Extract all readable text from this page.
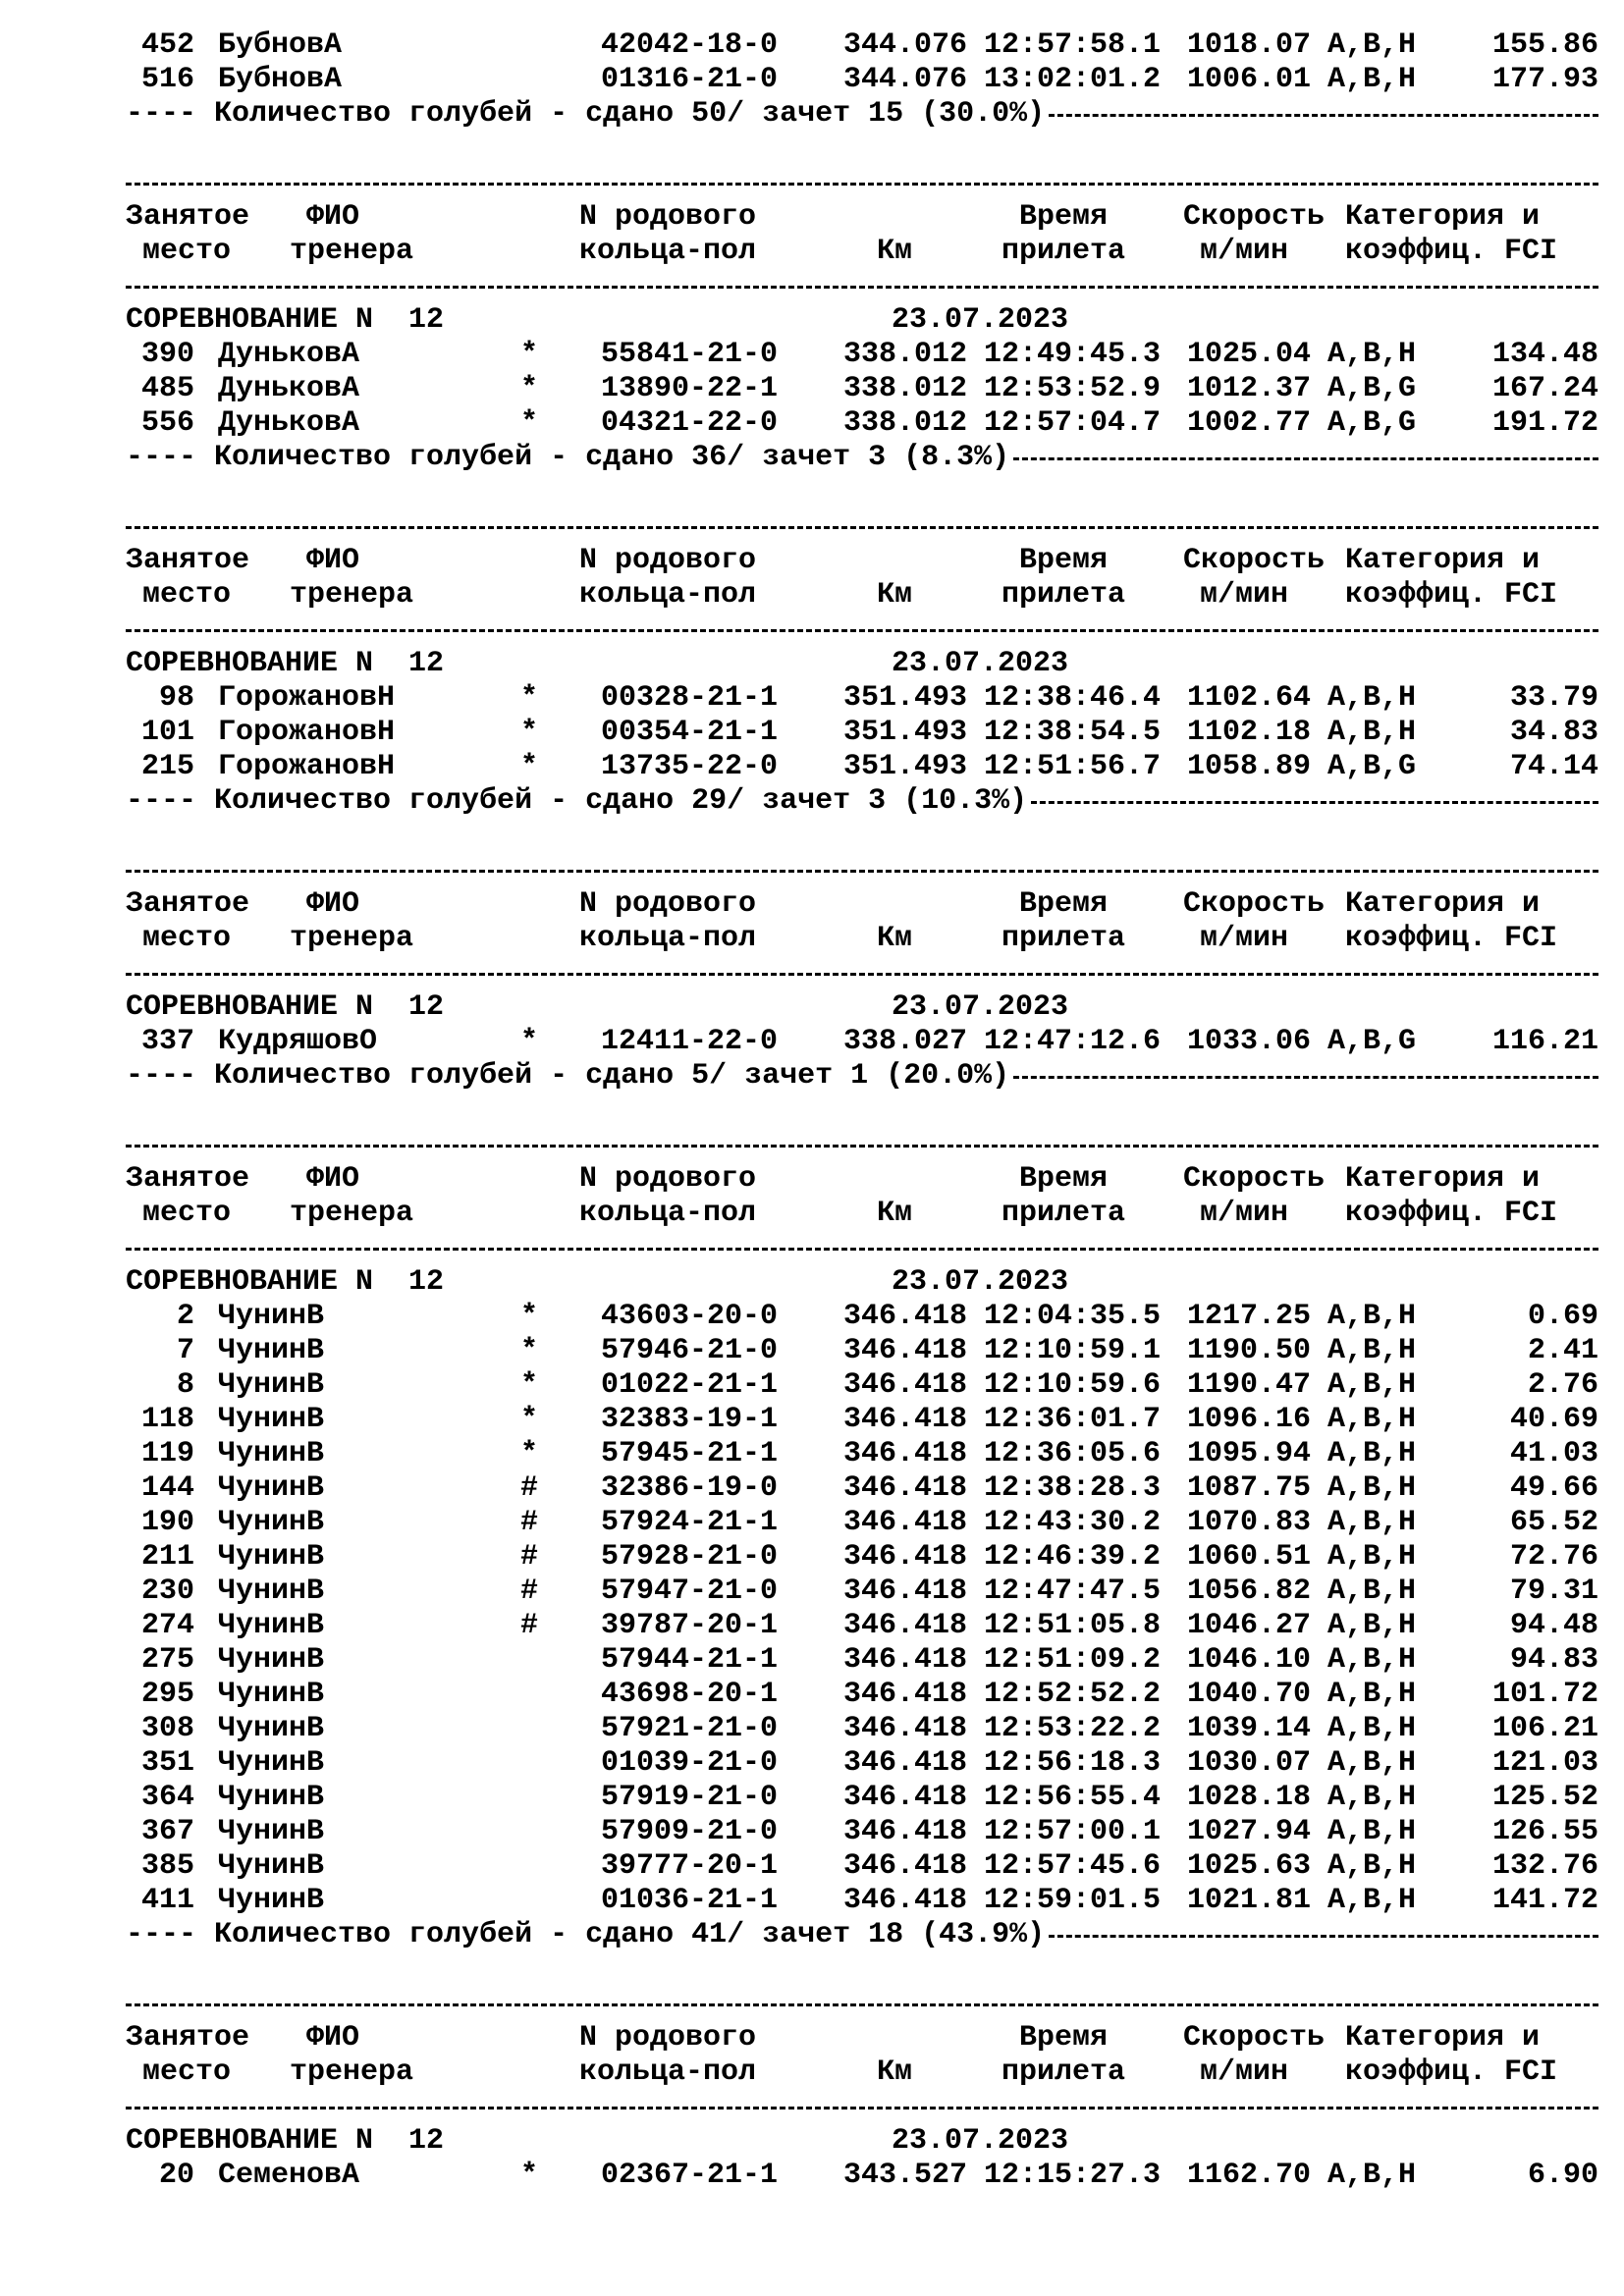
452 БубновА	42042-18-0	344.076 12:57:58.1 1018.07 A,B,H	155.86
516 БубновА	01316-21-0	344.076 13:02:01.2 1006.01 A,B,H	177.93
---- Количество голубей - сдано 50/ зачет 15 (30.0%)
Занятое ФИО	N родового	Время	Скорость Категория и
место тренера	кольца-пол	Км	прилета	м/мин коэффиц. FCI
СОРЕВНОВАНИЕ N  12	23.07.2023
390 ДуньковА	*	55841-21-0	338.012 12:49:45.3 1025.04 A,B,H	134.48
485 ДуньковА	*	13890-22-1	338.012 12:53:52.9 1012.37 A,B,G	167.24
556 ДуньковА	*	04321-22-0	338.012 12:57:04.7 1002.77 A,B,G	191.72
---- Количество голубей - сдано 36/ зачет 3 (8.3%)
Занятое ФИО	N родового	Время	Скорость Категория и
место тренера	кольца-пол	Км	прилета	м/мин коэффиц. FCI
СОРЕВНОВАНИЕ N  12	23.07.2023
98 ГорожановН	*	00328-21-1	351.493 12:38:46.4 1102.64 A,B,H	33.79
101 ГорожановН	*	00354-21-1	351.493 12:38:54.5 1102.18 A,B,H	34.83
215 ГорожановН	*	13735-22-0	351.493 12:51:56.7 1058.89 A,B,G	74.14
---- Количество голубей - сдано 29/ зачет 3 (10.3%)
Занятое ФИО	N родового	Время	Скорость Категория и
место тренера	кольца-пол	Км	прилета	м/мин коэффиц. FCI
СОРЕВНОВАНИЕ N  12	23.07.2023
337 КудряшовО	*	12411-22-0	338.027 12:47:12.6 1033.06 A,B,G	116.21
---- Количество голубей - сдано 5/ зачет 1 (20.0%)
Занятое ФИО	N родового	Время	Скорость Категория и
место тренера	кольца-пол	Км	прилета	м/мин коэффиц. FCI
СОРЕВНОВАНИЕ N  12	23.07.2023
2 ЧунинВ	*	43603-20-0	346.418 12:04:35.5 1217.25 A,B,H	0.69
7 ЧунинВ	*	57946-21-0	346.418 12:10:59.1 1190.50 A,B,H	2.41
8 ЧунинВ	*	01022-21-1	346.418 12:10:59.6 1190.47 A,B,H	2.76
118 ЧунинВ	*	32383-19-1	346.418 12:36:01.7 1096.16 A,B,H	40.69
119 ЧунинВ	*	57945-21-1	346.418 12:36:05.6 1095.94 A,B,H	41.03
144 ЧунинВ	#	32386-19-0	346.418 12:38:28.3 1087.75 A,B,H	49.66
190 ЧунинВ	#	57924-21-1	346.418 12:43:30.2 1070.83 A,B,H	65.52
211 ЧунинВ	#	57928-21-0	346.418 12:46:39.2 1060.51 A,B,H	72.76
230 ЧунинВ	#	57947-21-0	346.418 12:47:47.5 1056.82 A,B,H	79.31
274 ЧунинВ	#	39787-20-1	346.418 12:51:05.8 1046.27 A,B,H	94.48
275 ЧунинВ	57944-21-1	346.418 12:51:09.2 1046.10 A,B,H	94.83
295 ЧунинВ	43698-20-1	346.418 12:52:52.2 1040.70 A,B,H	101.72
308 ЧунинВ	57921-21-0	346.418 12:53:22.2 1039.14 A,B,H	106.21
351 ЧунинВ	01039-21-0	346.418 12:56:18.3 1030.07 A,B,H	121.03
364 ЧунинВ	57919-21-0	346.418 12:56:55.4 1028.18 A,B,H	125.52
367 ЧунинВ	57909-21-0	346.418 12:57:00.1 1027.94 A,B,H	126.55
385 ЧунинВ	39777-20-1	346.418 12:57:45.6 1025.63 A,B,H	132.76
411 ЧунинВ	01036-21-1	346.418 12:59:01.5 1021.81 A,B,H	141.72
---- Количество голубей - сдано 41/ зачет 18 (43.9%)
Занятое ФИО	N родового	Время	Скорость Категория и
место тренера	кольца-пол	Км	прилета	м/мин коэффиц. FCI
СОРЕВНОВАНИЕ N  12	23.07.2023
20 СеменовА	*	02367-21-1	343.527 12:15:27.3 1162.70 A,B,H	6.90
